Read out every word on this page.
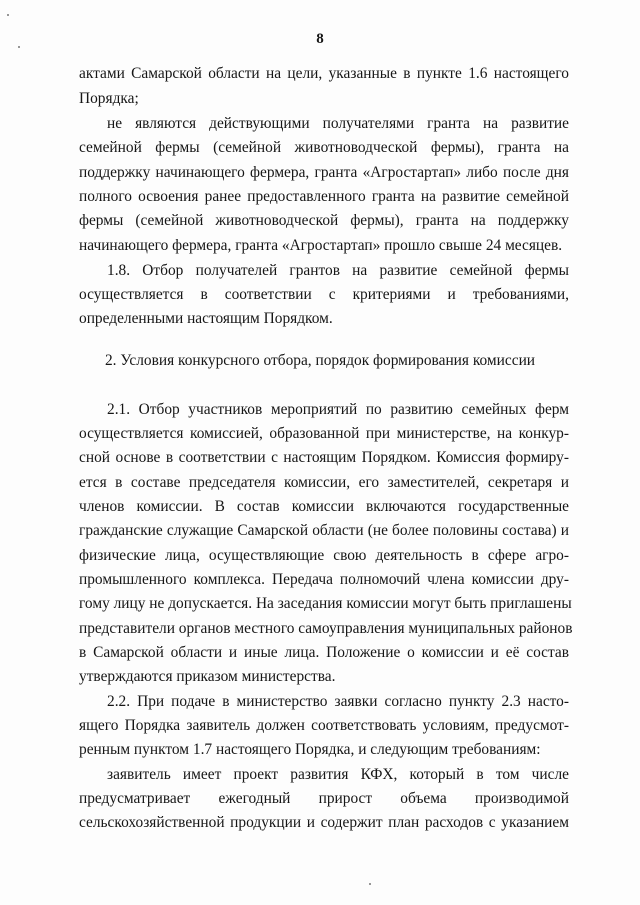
8
актами Самарской области на цели, указанные в пункте 1.6 настоящего
Порядка;
не являются действующими получателями гранта на развитие
семейной фермы (семейной животноводческой фермы), гранта на
поддержку начинающего фермера, гранта «Агростартап» либо после дня
полного освоения ранее предоставленного гранта на развитие семейной
фермы (семейной животноводческой фермы), гранта на поддержку
начинающего фермера, гранта «Агростартап» прошло свыше 24 месяцев.
1.8. Отбор получателей грантов на развитие семейной фермы
осуществляется в соответствии с критериями и требованиями,
определенными настоящим Порядком.
2. Условия конкурсного отбора, порядок формирования комиссии
2.1. Отбор участников мероприятий по развитию семейных ферм
осуществляется комиссией, образованной при министерстве, на конкур-
сной основе в соответствии с настоящим Порядком. Комиссия формиру-
ется в составе председателя комиссии, его заместителей, секретаря и
членов комиссии. В состав комиссии включаются государственные
гражданские служащие Самарской области (не более половины состава) и
физические лица, осуществляющие свою деятельность в сфере агро-
промышленного комплекса. Передача полномочий члена комиссии дру-
гому лицу не допускается. На заседания комиссии могут быть приглашены
представители органов местного самоуправления муниципальных районов
в Самарской области и иные лица. Положение о комиссии и её состав
утверждаются приказом министерства.
2.2. При подаче в министерство заявки согласно пункту 2.3 насто-
ящего Порядка заявитель должен соответствовать условиям, предусмот-
ренным пунктом 1.7 настоящего Порядка, и следующим требованиям:
заявитель имеет проект развития КФХ, который в том числе
предусматривает ежегодный прирост объема производимой
сельскохозяйственной продукции и содержит план расходов с указанием
